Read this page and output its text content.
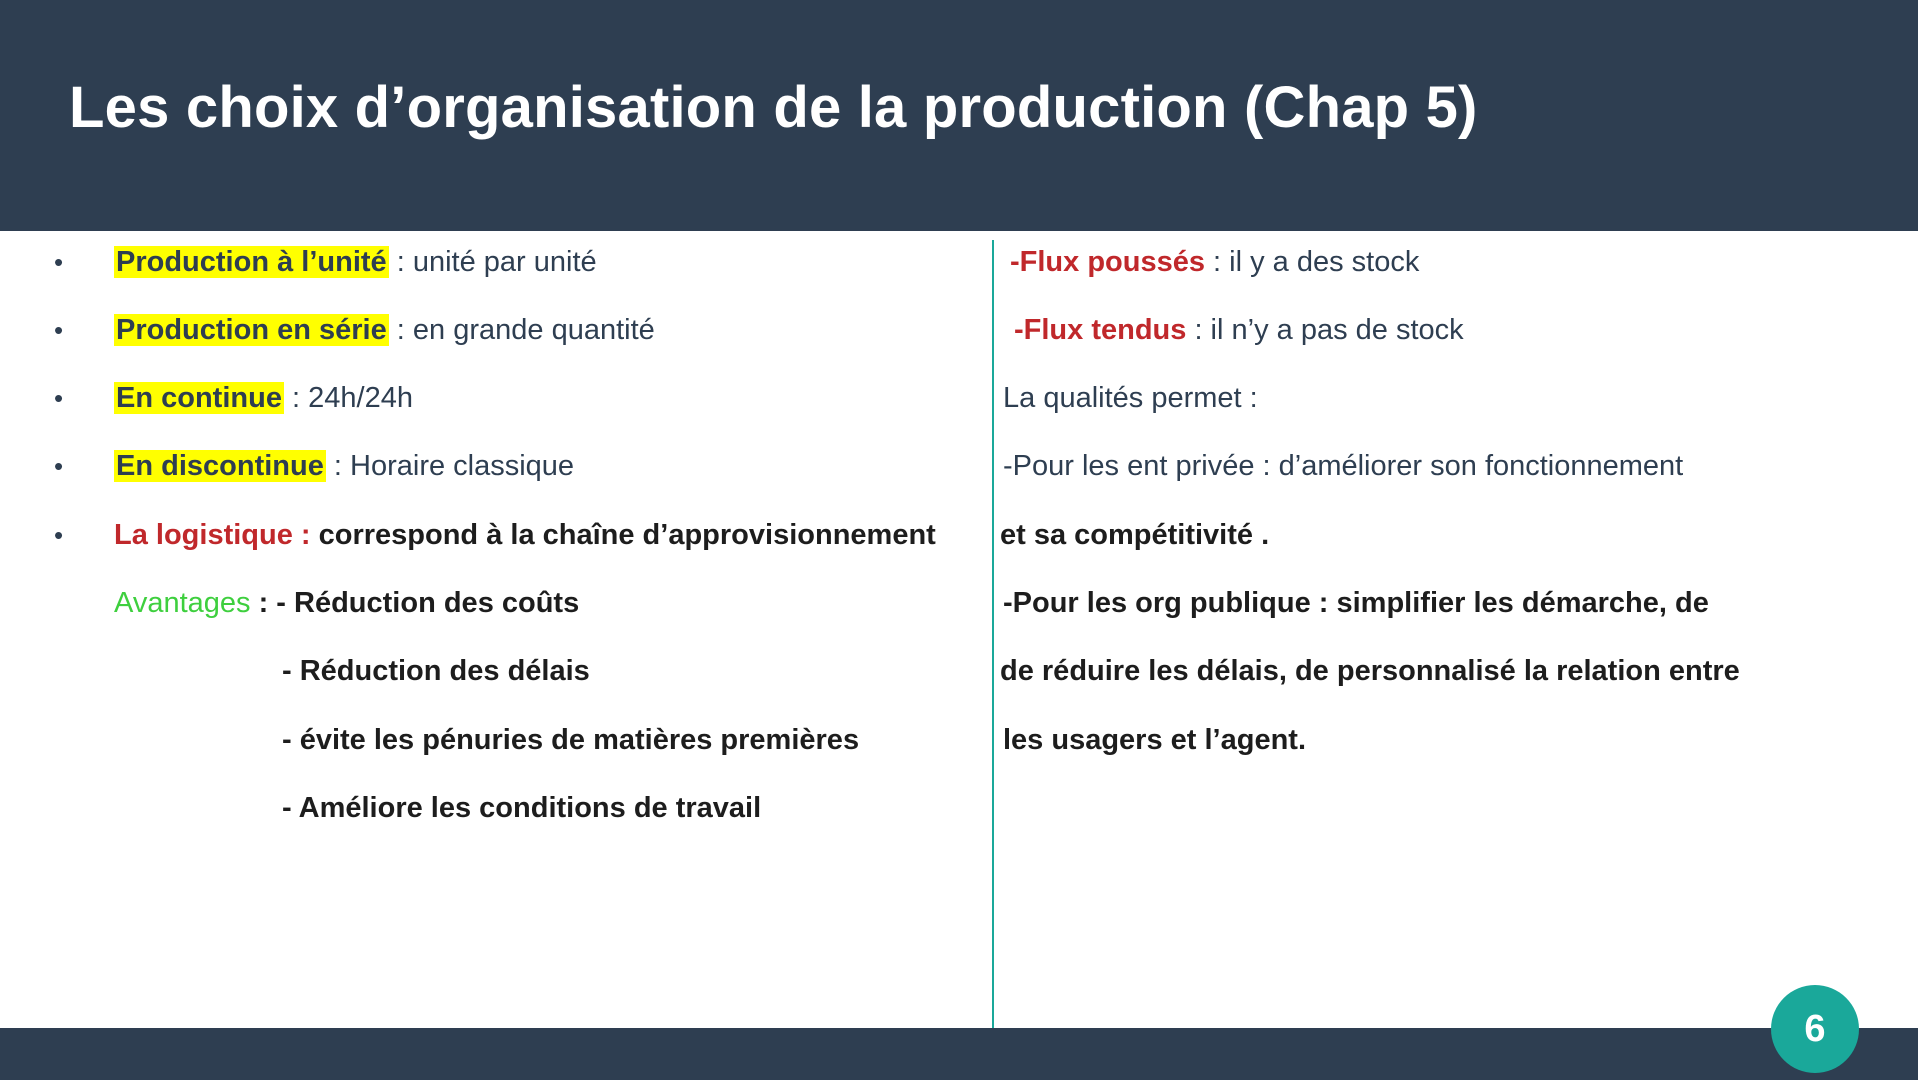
Les choix d’organisation de la production (Chap 5)
• Production à l’unité : unité par unité
• Production en série : en grande quantité
• En continue : 24h/24h
• En discontinue : Horaire classique
• La logistique : correspond à la chaîne d’approvisionnement
Avantages : - Réduction des coûts
- Réduction des délais
- évite les pénuries de matières premières
- Améliore les conditions de travail
-Flux poussés : il y a des stock
-Flux tendus : il n’y a pas de stock
La qualités permet :
-Pour les ent privée : d’améliorer son fonctionnement
et sa compétitivité .
-Pour les org publique : simplifier les démarche, de
de réduire les délais, de personnalisé la relation entre
les usagers et l’agent.
6
